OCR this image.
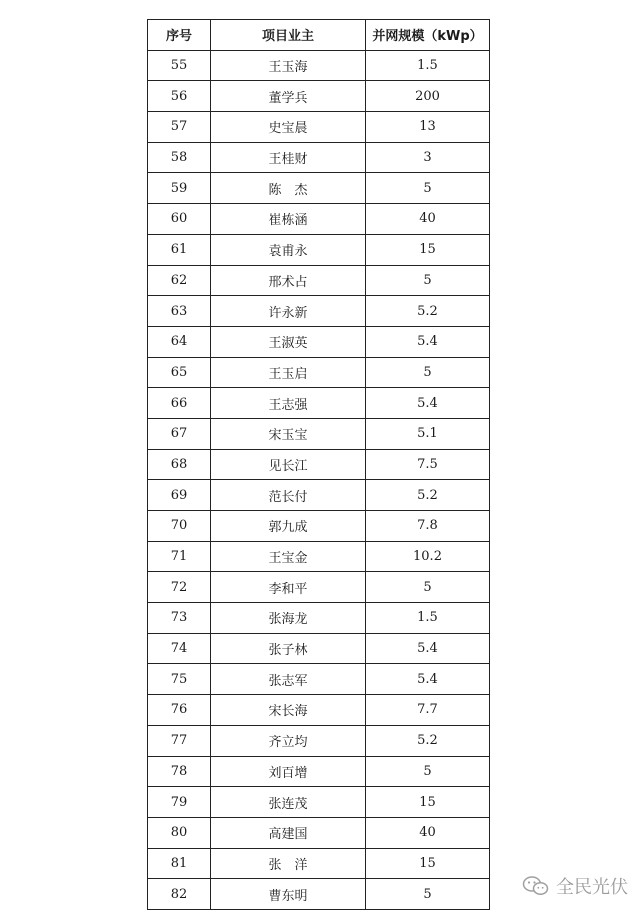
序号	项目业主	并网规模（kWp）
55	王玉海	1.5
56	董学兵	200
57	史宝晨	13
58	王桂财	3
59	陈　杰	5
60	崔栋涵	40
61	袁甫永	15
62	邢术占	5
63	许永新	5.2
64	王淑英	5.4
65	王玉启	5
66	王志强	5.4
67	宋玉宝	5.1
68	见长江	7.5
69	范长付	5.2
70	郭九成	7.8
71	王宝金	10.2
72	李和平	5
73	张海龙	1.5
74	张子林	5.4
75	张志军	5.4
76	宋长海	7.7
77	齐立均	5.2
78	刘百增	5
79	张连茂	15
80	高建国	40
81	张　洋	15
82	曹东明	5	全民光伏
